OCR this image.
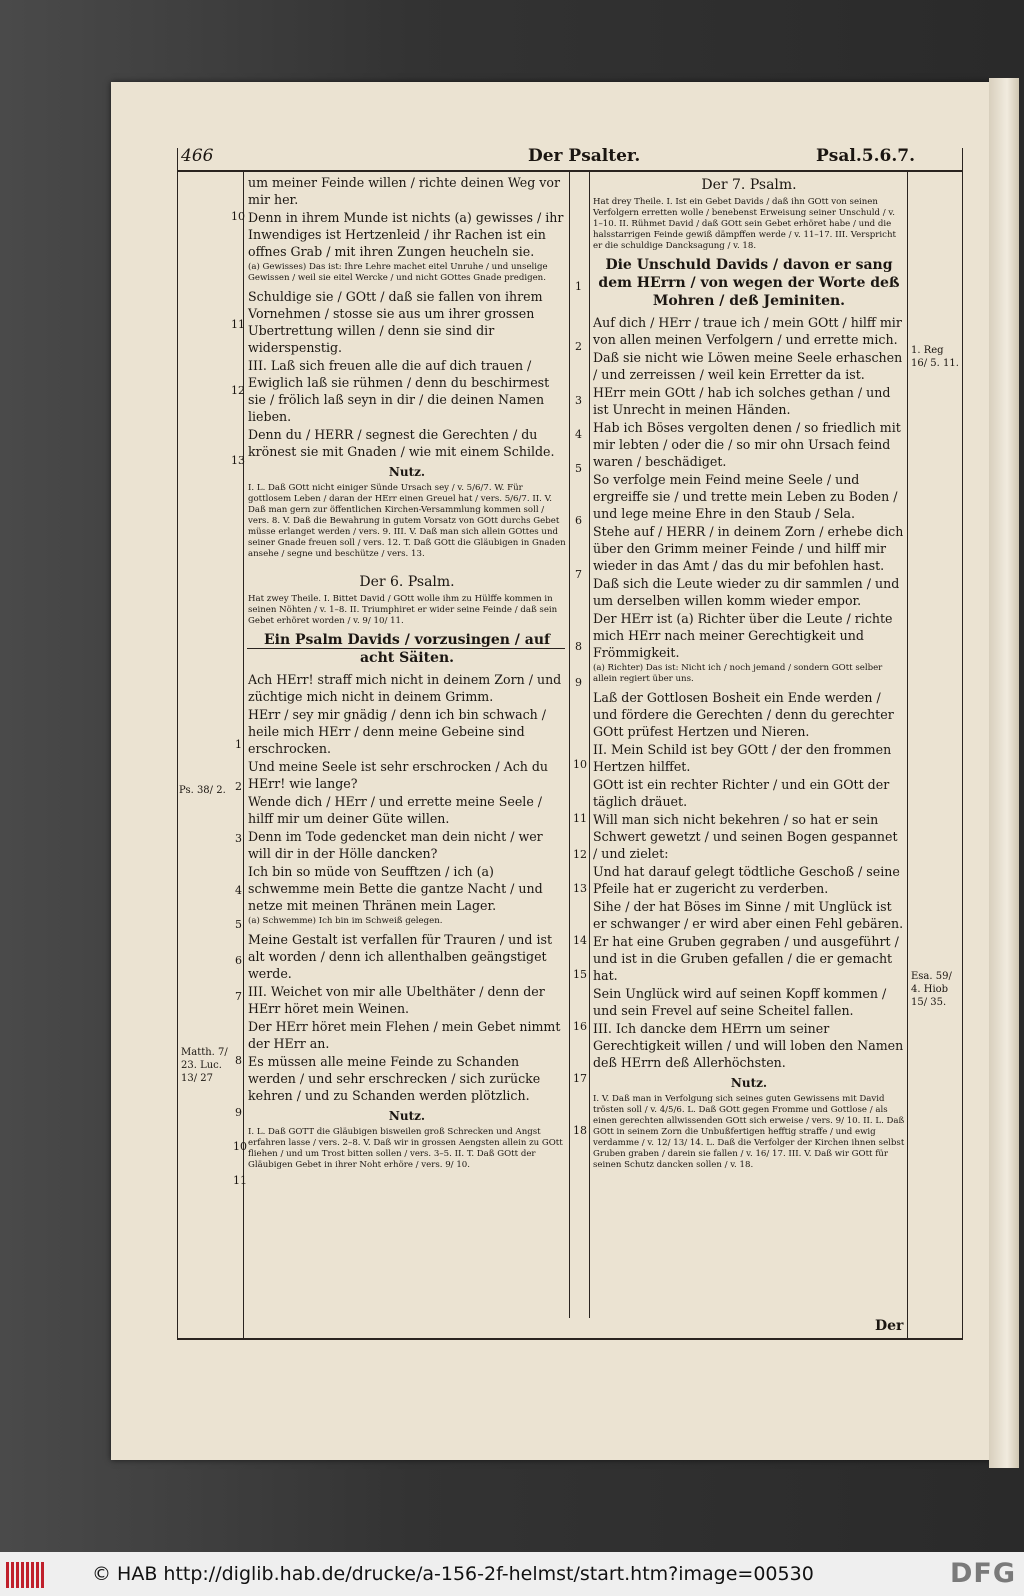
466	Der Psalter.	Psal.5.6.7.

um meiner Feinde willen / richte deinen Weg vor mir her.

Denn in ihrem Munde ist nichts (a) gewisses / ihr Inwendiges ist Hertzenleid / ihr Rachen ist ein offnes Grab / mit ihren Zungen heucheln sie.

(a) Gewisses) Das ist: Ihre Lehre machet eitel Unruhe / und unselige Gewissen / weil sie eitel Wercke / und nicht GOttes Gnade predigen.

Schuldige sie / GOtt / daß sie fallen von ihrem Vornehmen / stosse sie aus um ihrer grossen Ubertrettung willen / denn sie sind dir widerspenstig.

III. Laß sich freuen alle die auf dich trauen / Ewiglich laß sie rühmen / denn du beschirmest sie / frölich laß seyn in dir / die deinen Namen lieben.

Denn du / HERR / segnest die Gerechten / du krönest sie mit Gnaden / wie mit einem Schilde.

Nutz.

I. L. Daß GOtt nicht einiger Sünde Ursach sey / v. 5/6/7. W. Für gottlosem Leben / daran der HErr einen Greuel hat / vers. 5/6/7. II. V. Daß man gern zur öffentlichen Kirchen-Versammlung kommen soll / vers. 8. V. Daß die Bewahrung in gutem Vorsatz von GOtt durchs Gebet müsse erlanget werden / vers. 9. III. V. Daß man sich allein GOttes und seiner Gnade freuen soll / vers. 12. T. Daß GOtt die Gläubigen in Gnaden ansehe / segne und beschütze / vers. 13.

Der 6. Psalm.

Hat zwey Theile. I. Bittet David / GOtt wolle ihm zu Hülffe kommen in seinen Nöhten / v. 1–8. II. Triumphiret er wider seine Feinde / daß sein Gebet erhöret worden / v. 9/ 10/ 11.

Ein Psalm Davids / vorzusingen / auf acht Säiten.

Ach HErr! straff mich nicht in deinem Zorn / und züchtige mich nicht in deinem Grimm.

HErr / sey mir gnädig / denn ich bin schwach / heile mich HErr / denn meine Gebeine sind erschrocken.

Und meine Seele ist sehr erschrocken / Ach du HErr! wie lange?

Wende dich / HErr / und errette meine Seele / hilff mir um deiner Güte willen.

Denn im Tode gedencket man dein nicht / wer will dir in der Hölle dancken?

Ich bin so müde von Seufftzen / ich (a) schwemme mein Bette die gantze Nacht / und netze mit meinen Thränen mein Lager.

(a) Schwemme) Ich bin im Schweiß gelegen.

Meine Gestalt ist verfallen für Trauren / und ist alt worden / denn ich allenthalben geängstiget werde.

III. Weichet von mir alle Ubelthäter / denn der HErr höret mein Weinen.

Der HErr höret mein Flehen / mein Gebet nimmt der HErr an.

Es müssen alle meine Feinde zu Schanden werden / und sehr erschrecken / sich zurücke kehren / und zu Schanden werden plötzlich.

Nutz.

I. L. Daß GOTT die Gläubigen bisweilen groß Schrecken und Angst erfahren lasse / vers. 2–8. V. Daß wir in grossen Aengsten allein zu GOtt fliehen / und um Trost bitten sollen / vers. 3–5. II. T. Daß GOtt der Gläubigen Gebet in ihrer Noht erhöre / vers. 9/ 10.

Der 7. Psalm.

Hat drey Theile. I. Ist ein Gebet Davids / daß ihn GOtt von seinen Verfolgern erretten wolle / benebenst Erweisung seiner Unschuld / v. 1–10. II. Rühmet David / daß GOtt sein Gebet erhöret habe / und die halsstarrigen Feinde gewiß dämpffen werde / v. 11–17. III. Verspricht er die schuldige Dancksagung / v. 18.

Die Unschuld Davids / davon er sang dem HErrn / von wegen der Worte deß Mohren / deß Jeminiten.

Auf dich / HErr / traue ich / mein GOtt / hilff mir von allen meinen Verfolgern / und errette mich.

Daß sie nicht wie Löwen meine Seele erhaschen / und zerreissen / weil kein Erretter da ist.

HErr mein GOtt / hab ich solches gethan / und ist Unrecht in meinen Händen.

Hab ich Böses vergolten denen / so friedlich mit mir lebten / oder die / so mir ohn Ursach feind waren / beschädiget.

So verfolge mein Feind meine Seele / und ergreiffe sie / und trette mein Leben zu Boden / und lege meine Ehre in den Staub / Sela.

Stehe auf / HERR / in deinem Zorn / erhebe dich über den Grimm meiner Feinde / und hilff mir wieder in das Amt / das du mir befohlen hast.

Daß sich die Leute wieder zu dir sammlen / und um derselben willen komm wieder empor.

Der HErr ist (a) Richter über die Leute / richte mich HErr nach meiner Gerechtigkeit und Frömmigkeit.

(a) Richter) Das ist: Nicht ich / noch jemand / sondern GOtt selber allein regiert über uns.

Laß der Gottlosen Bosheit ein Ende werden / und fördere die Gerechten / denn du gerechter GOtt prüfest Hertzen und Nieren.

II. Mein Schild ist bey GOtt / der den frommen Hertzen hilffet.

GOtt ist ein rechter Richter / und ein GOtt der täglich dräuet.

Will man sich nicht bekehren / so hat er sein Schwert gewetzt / und seinen Bogen gespannet / und zielet:

Und hat darauf gelegt tödtliche Geschoß / seine Pfeile hat er zugericht zu verderben.

Sihe / der hat Böses im Sinne / mit Unglück ist er schwanger / er wird aber einen Fehl gebären.

Er hat eine Gruben gegraben / und ausgeführt / und ist in die Gruben gefallen / die er gemacht hat.

Sein Unglück wird auf seinen Kopff kommen / und sein Frevel auf seine Scheitel fallen.

III. Ich dancke dem HErrn um seiner Gerechtigkeit willen / und will loben den Namen deß HErrn deß Allerhöchsten.

Nutz.

I. V. Daß man in Verfolgung sich seines guten Gewissens mit David trösten soll / v. 4/5/6. L. Daß GOtt gegen Fromme und Gottlose / als einen gerechten allwissenden GOtt sich erweise / vers. 9/ 10. II. L. Daß GOtt in seinem Zorn die Unbußfertigen hefftig straffe / und ewig verdamme / v. 12/ 13/ 14. L. Daß die Verfolger der Kirchen ihnen selbst Gruben graben / darein sie fallen / v. 16/ 17. III. V. Daß wir GOtt für seinen Schutz dancken sollen / v. 18.

10
11
12
13
1
2
3
4
5
6
7
8
9
10
11
1
2
3
4
5
6
7
8
9
10
11
12
13
14
15
16
17
18
Ps. 38/ 2.
Matth. 7/ 23. Luc. 13/ 27
1. Reg 16/ 5. 11.
Esa. 59/ 4. Hiob 15/ 35.
Der
© HAB http://diglib.hab.de/drucke/a-156-2f-helmst/start.htm?image=00530	DFG
